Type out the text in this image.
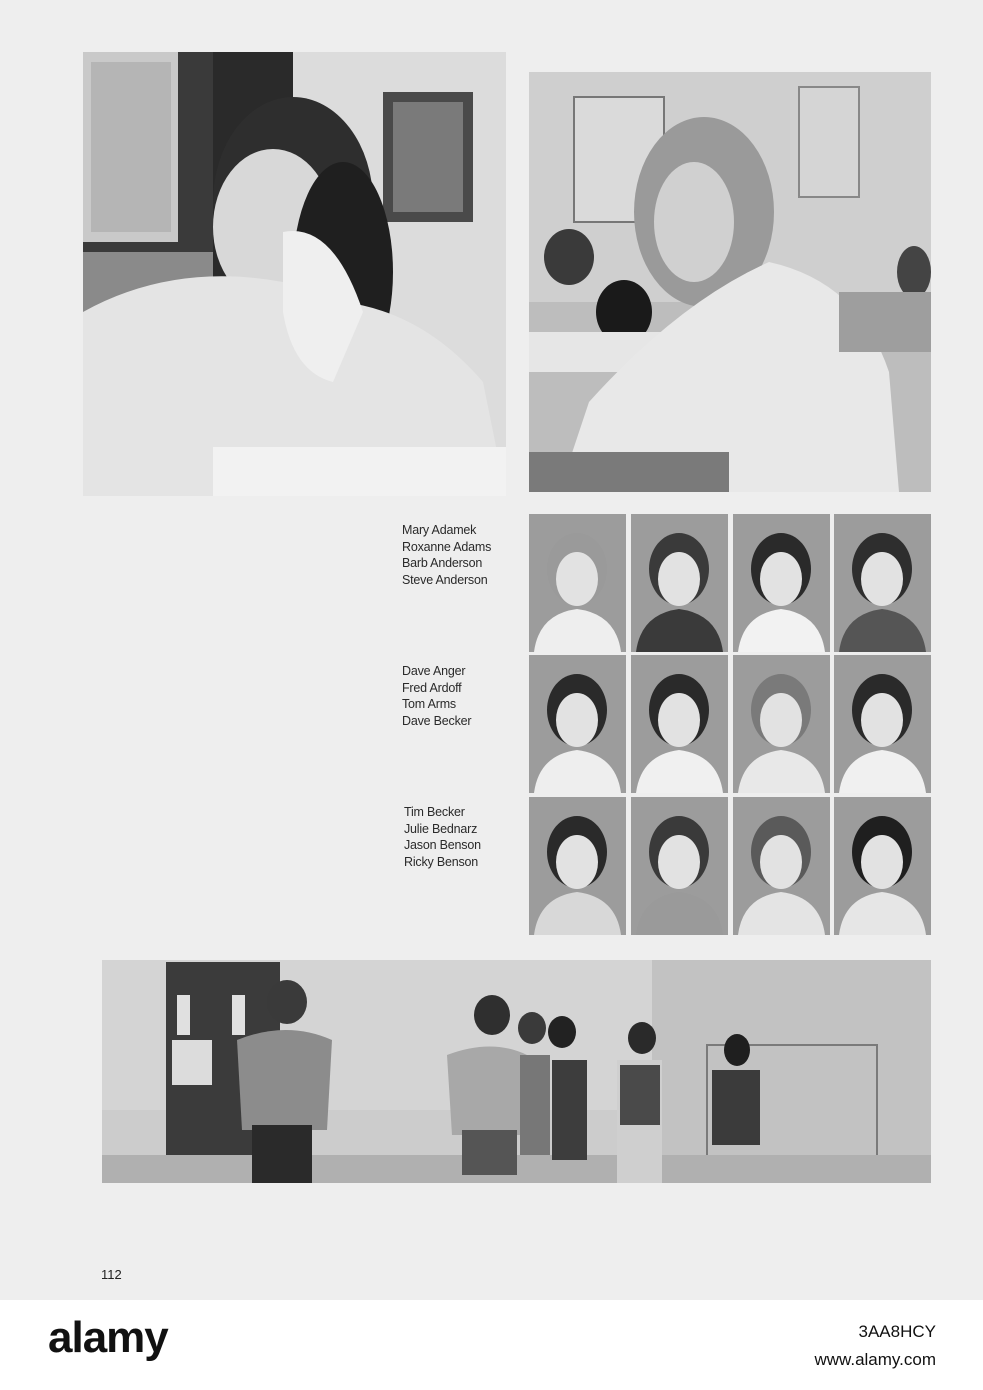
Mary Adamek
Roxanne Adams
Barb Anderson
Steve Anderson
Dave Anger
Fred Ardoff
Tom Arms
Dave Becker
Tim Becker
Julie Bednarz
Jason Benson
Ricky Benson
112
alamy	3AA8HCY
www.alamy.com
